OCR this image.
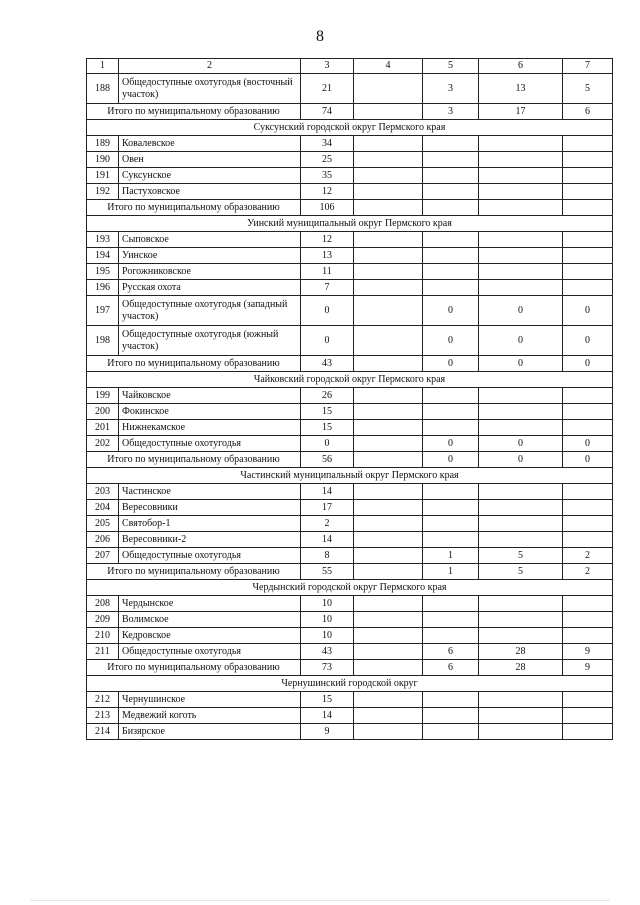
8
1	2	3	4	5	6	7
188	Общедоступные охотугодья (восточный участок)	21		3	13	5
Итого по муниципальному образованию		74		3	17	6
Суксунский городской округ Пермского края						
189	Ковалевское	34				
190	Овен	25				
191	Суксунское	35				
192	Пастуховское	12				
Итого по муниципальному образованию		106				
Уинский муниципальный округ Пермского края						
193	Сыповское	12				
194	Уинское	13				
195	Рогожниковское	11				
196	Русская охота	7				
197	Общедоступные охотугодья (западный участок)	0		0	0	0
198	Общедоступные охотугодья (южный участок)	0		0	0	0
Итого по муниципальному образованию		43		0	0	0
Чайковский городской округ Пермского края						
199	Чайковское	26				
200	Фокинское	15				
201	Нижнекамское	15				
202	Общедоступные охотугодья	0		0	0	0
Итого по муниципальному образованию		56		0	0	0
Частинский муниципальный округ Пермского края						
203	Частинское	14				
204	Вересовники	17				
205	Святобор-1	2				
206	Вересовники-2	14				
207	Общедоступные охотугодья	8		1	5	2
Итого по муниципальному образованию		55		1	5	2
Чердынский городской округ Пермского края						
208	Чердынское	10				
209	Волимское	10				
210	Кедровское	10				
211	Общедоступные охотугодья	43		6	28	9
Итого по муниципальному образованию		73		6	28	9
Чернушинский городской округ						
212	Чернушинское	15				
213	Медвежий коготь	14				
214	Бизярское	9				
